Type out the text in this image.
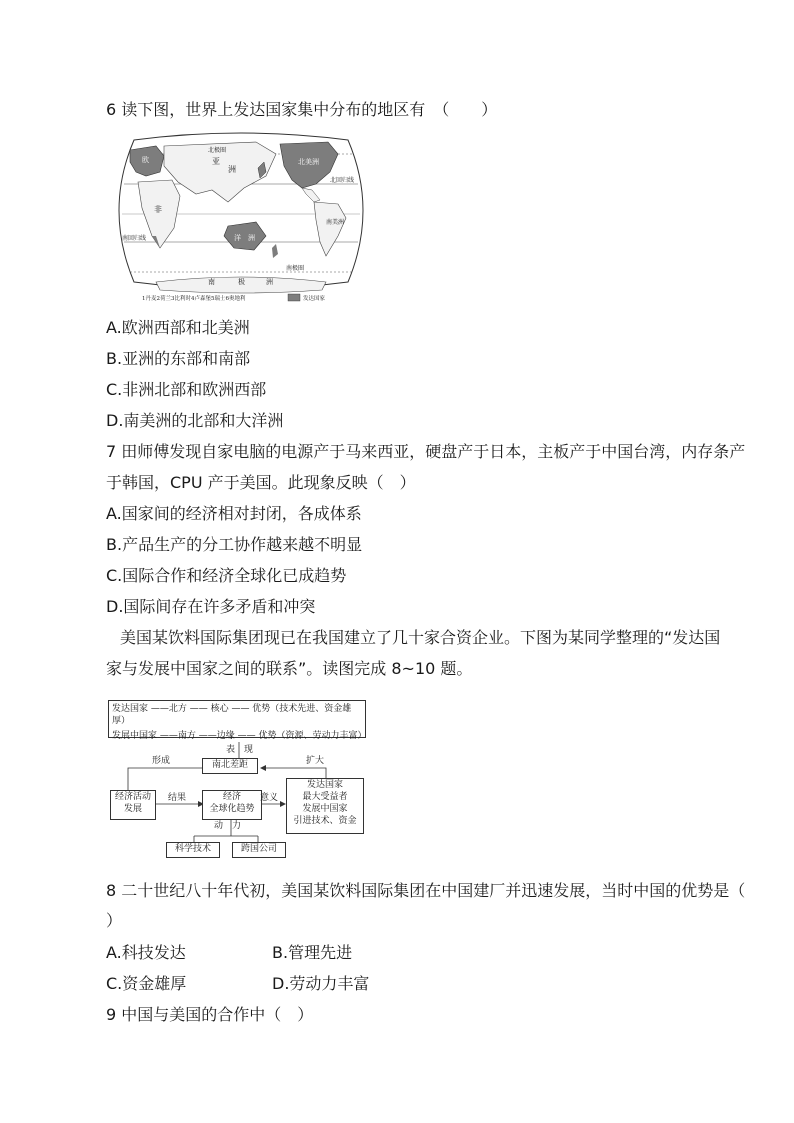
6 读下图，世界上发达国家集中分布的地区有　（　　）
北极圈
北回归线
南回归线
南极圈
南	极	洲
洋　洲
欧	亚
洲
非
北美洲
南美洲
1丹麦2荷兰3比利时4卢森堡5瑞士6奥地利	发达国家
A.欧洲西部和北美洲
B.亚洲的东部和南部
C.非洲北部和欧洲西部
D.南美洲的北部和大洋洲
7 田师傅发现自家电脑的电源产于马来西亚，硬盘产于日本，主板产于中国台湾，内存条产
于韩国，CPU 产于美国。此现象反映（　）
A.国家间的经济相对封闭，各成体系
B.产品生产的分工协作越来越不明显
C.国际合作和经济全球化已成趋势
D.国际间存在许多矛盾和冲突
美国某饮料国际集团现已在我国建立了几十家合资企业。下图为某同学整理的“发达国
家与发展中国家之间的联系”。读图完成 8~10 题。
发达国家 ——北方 —— 核心 —— 优势（技术先进、资金雄厚）
发展中国家 ——南方 ——边缘 —— 优势（资源、劳动力丰富）
表　现
南北差距
形成	扩大
经济活动
发展
结果	经济
全球化趋势
意义
发达国家
最大受益者
发展中国家
引进技术、资金
动　力
科学技术	跨国公司
8 二十世纪八十年代初，美国某饮料国际集团在中国建厂并迅速发展，当时中国的优势是（
）
A.科技发达	B.管理先进
C.资金雄厚	D.劳动力丰富
9 中国与美国的合作中（　）
